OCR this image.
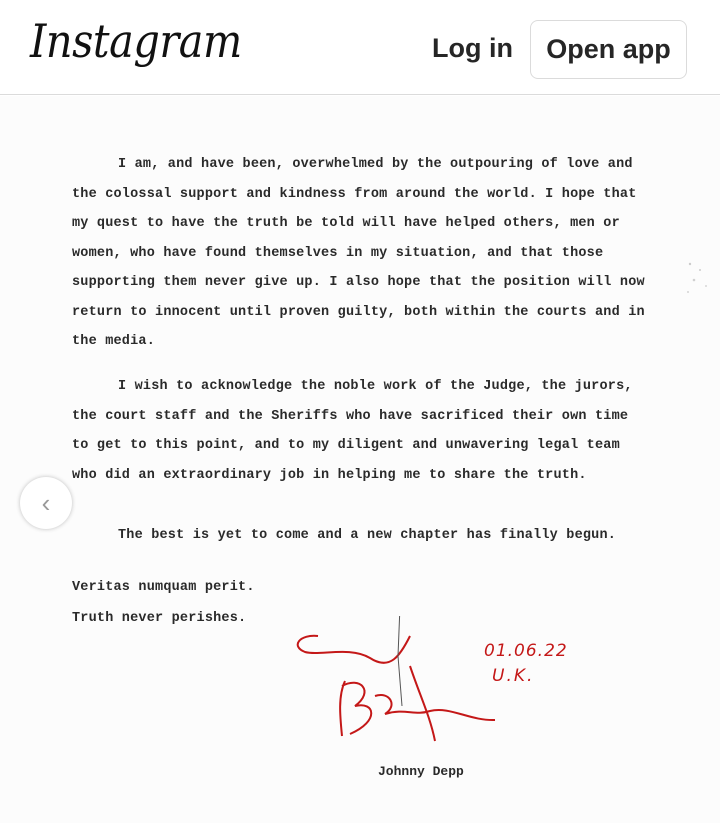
Instagram	Log in	Open app

I am, and have been, overwhelmed by the outpouring of love and the colossal support and kindness from around the world. I hope that my quest to have the truth be told will have helped others, men or women, who have found themselves in my situation, and that those supporting them never give up. I also hope that the position will now return to innocent until proven guilty, both within the courts and in the media.

I wish to acknowledge the noble work of the Judge, the jurors, the court staff and the Sheriffs who have sacrificed their own time to get to this point, and to my diligent and unwavering legal team who did an extraordinary job in helping me to share the truth.

The best is yet to come and a new chapter has finally begun.

Veritas numquam perit.

Truth never perishes.

01.06.22
U.K.

Johnny Depp

‹
